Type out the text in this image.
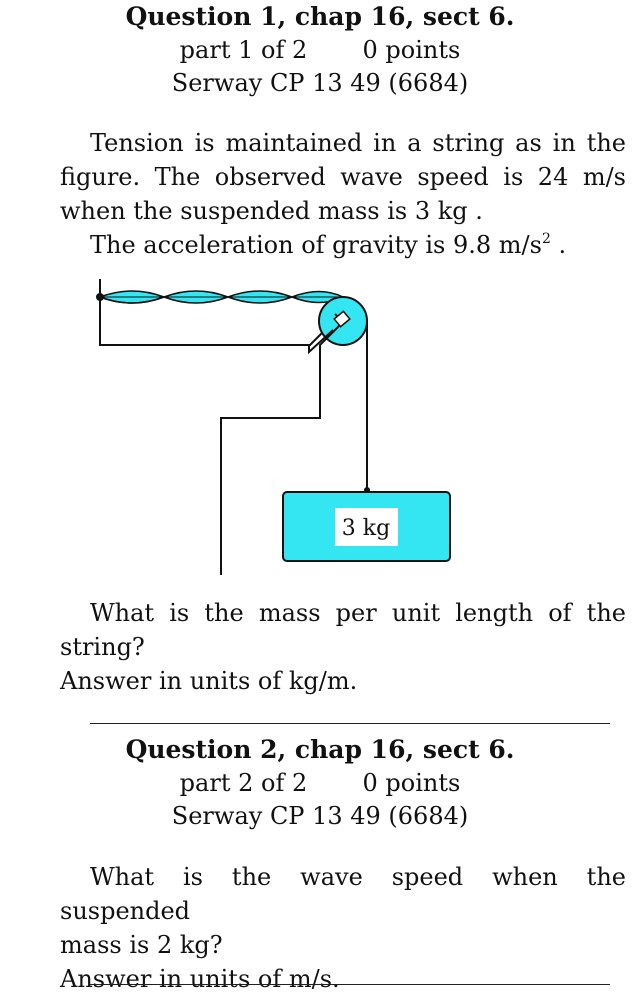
Question 1, chap 16, sect 6.
part 1 of 2 0 points
Serway CP 13 49 (6684)
Tension is maintained in a string as in the
figure. The observed wave speed is 24 m/s
when the suspended mass is 3 kg .
The acceleration of gravity is 9.8 $m/s^2$ .
3 kg
What is the mass per unit length of the
string?
Answer in units of kg/m.
Question 2, chap 16, sect 6.
part 2 of 2 0 points
Serway CP 13 49 (6684)
What is the wave speed when the suspended
mass is 2 kg?
Answer in units of m/s.
